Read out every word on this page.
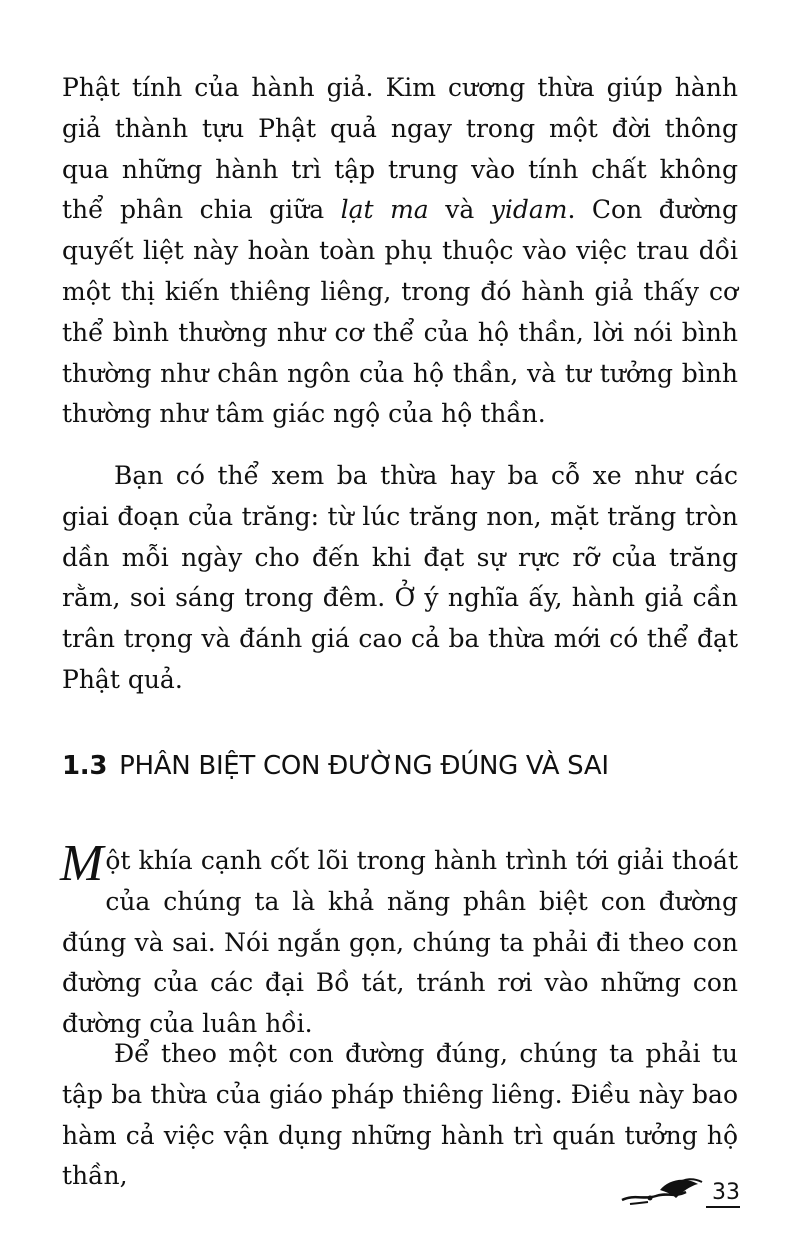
Phật tính của hành giả. Kim cương thừa giúp hành giả thành tựu Phật quả ngay trong một đời thông qua những hành trì tập trung vào tính chất không thể phân chia giữa lạt ma và yidam. Con đường quyết liệt này hoàn toàn phụ thuộc vào việc trau dồi một thị kiến thiêng liêng, trong đó hành giả thấy cơ thể bình thường như cơ thể của hộ thần, lời nói bình thường như chân ngôn của hộ thần, và tư tưởng bình thường như tâm giác ngộ của hộ thần.

Bạn có thể xem ba thừa hay ba cỗ xe như các giai đoạn của trăng: từ lúc trăng non, mặt trăng tròn dần mỗi ngày cho đến khi đạt sự rực rỡ của trăng rằm, soi sáng trong đêm. Ở ý nghĩa ấy, hành giả cần trân trọng và đánh giá cao cả ba thừa mới có thể đạt Phật quả.

1.3 PHÂN BIỆT CON ĐƯỜNG ĐÚNG VÀ SAI

Một khía cạnh cốt lõi trong hành trình tới giải thoát của chúng ta là khả năng phân biệt con đường đúng và sai. Nói ngắn gọn, chúng ta phải đi theo con đường của các đại Bồ tát, tránh rơi vào những con đường của luân hồi.

Để theo một con đường đúng, chúng ta phải tu tập ba thừa của giáo pháp thiêng liêng. Điều này bao hàm cả việc vận dụng những hành trì quán tưởng hộ thần,

33
